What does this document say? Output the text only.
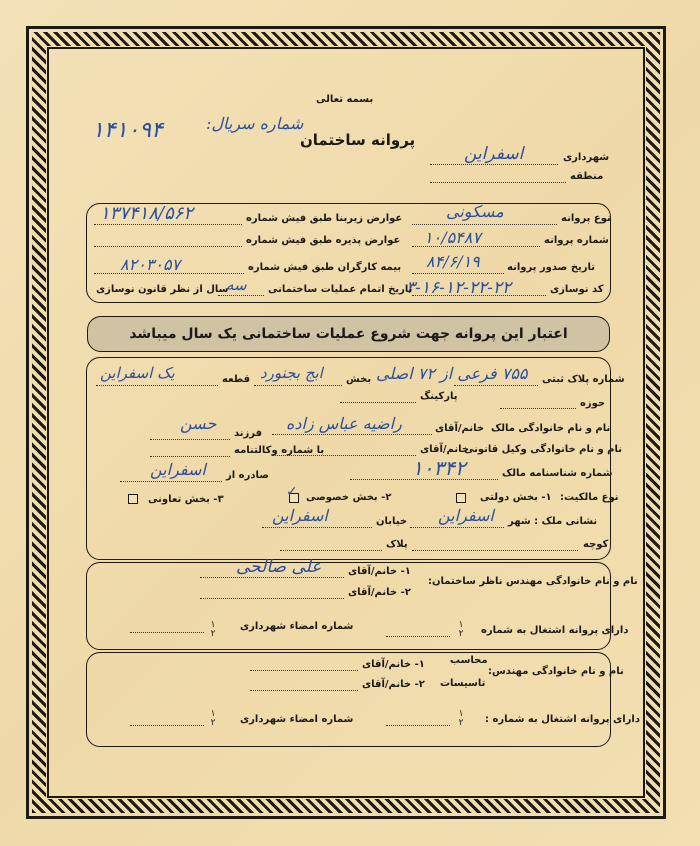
بسمه تعالی
پروانه ساختمان
شماره سریال:
۱۴۱۰۹۴
شهرداری
اسفراین
منطقه
نوع پروانه
مسکونی
شماره پروانه
۱۰/۵۴۸۷
تاریخ صدور پروانه
۸۴/۶/۱۹
کد نوسازی
۳-۱۶-۱۲-۲۲-۲۲
عوارض زیربنا طبق فیش شماره
۱۳۷۴۱۸/۵۶۲
عوارض پذیره طبق فیش شماره
بیمه کارگران طبق فیش شماره
۸۲۰۳۰۵۷
تاریخ اتمام عملیات ساختمانی
سه
سال از نظر قانون نوسازی
اعتبار این پروانه جهت شروع عملیات ساختمانی یک سال میباشد
شماره پلاک ثبتی
۷۵۵ فرعی از ۷۲ اصلی
بخش
ابج بجنورد
قطعه
یک اسفراین
حوزه
پارکینگ
نام و نام خانوادگی مالک
خانم/آقای
راضیه عباس زاده
فرزند
حسن
نام و نام خانوادگی وکیل قانونی
خانم/آقای
با شماره وکالتنامه
شماره شناسنامه مالک
۱۰۳۴۲
صادره از
اسفراین
نوع مالکیت:
۱- بخش دولتی
۲- بخش خصوصی
✓
۳- بخش تعاونی
نشانی ملک : شهر
اسفراین
خیابان
اسفراین
کوچه
پلاک
نام و نام خانوادگی مهندس ناظر ساختمان:
۱- خانم/آقای
علی صالحی
۲- خانم/آقای
دارای پروانه اشتغال به شماره
۱
۲
شماره امضاء شهرداری
۱
۲
نام و نام خانوادگی مهندس:
محاسب
۱- خانم/آقای
تاسیسات
۲- خانم/آقای
دارای پروانه اشتغال به شماره :
۱
۲
شماره امضاء شهرداری
۱
۲
